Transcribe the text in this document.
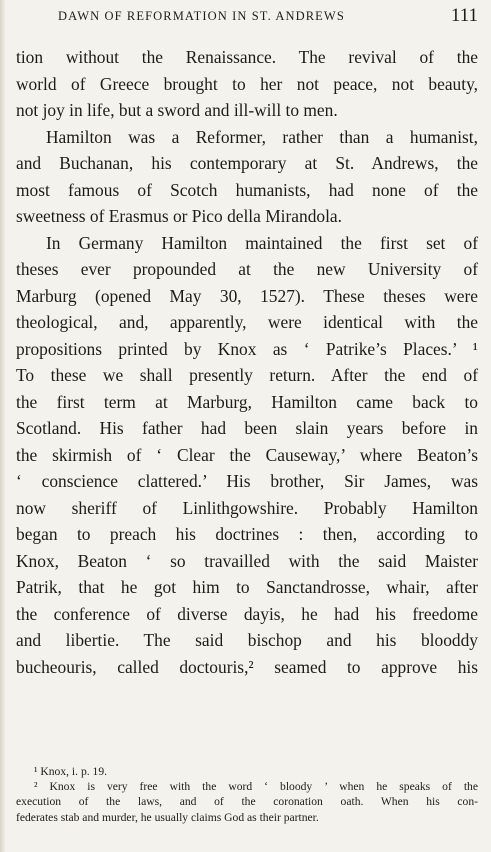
DAWN OF REFORMATION IN ST. ANDREWS	111
tion without the Renaissance. The revival of the
world of Greece brought to her not peace, not beauty,
not joy in life, but a sword and ill-will to men.
Hamilton was a Reformer, rather than a humanist,
and Buchanan, his contemporary at St. Andrews, the
most famous of Scotch humanists, had none of the
sweetness of Erasmus or Pico della Mirandola.
In Germany Hamilton maintained the first set of
theses ever propounded at the new University of
Marburg (opened May 30, 1527). These theses were
theological, and, apparently, were identical with the
propositions printed by Knox as ‘ Patrike’s Places.’ ¹
To these we shall presently return. After the end of
the first term at Marburg, Hamilton came back to
Scotland. His father had been slain years before in
the skirmish of ‘ Clear the Causeway,’ where Beaton’s
‘ conscience clattered.’ His brother, Sir James, was
now sheriff of Linlithgowshire. Probably Hamilton
began to preach his doctrines : then, according to
Knox, Beaton ‘ so travailled with the said Maister
Patrik, that he got him to Sanctandrosse, whair, after
the conference of diverse dayis, he had his freedome
and libertie. The said bischop and his blooddy
bucheouris, called doctouris,² seamed to approve his
¹ Knox, i. p. 19.
² Knox is very free with the word ‘ bloody ’ when he speaks of the
execution of the laws, and of the coronation oath. When his con-
federates stab and murder, he usually claims God as their partner.
